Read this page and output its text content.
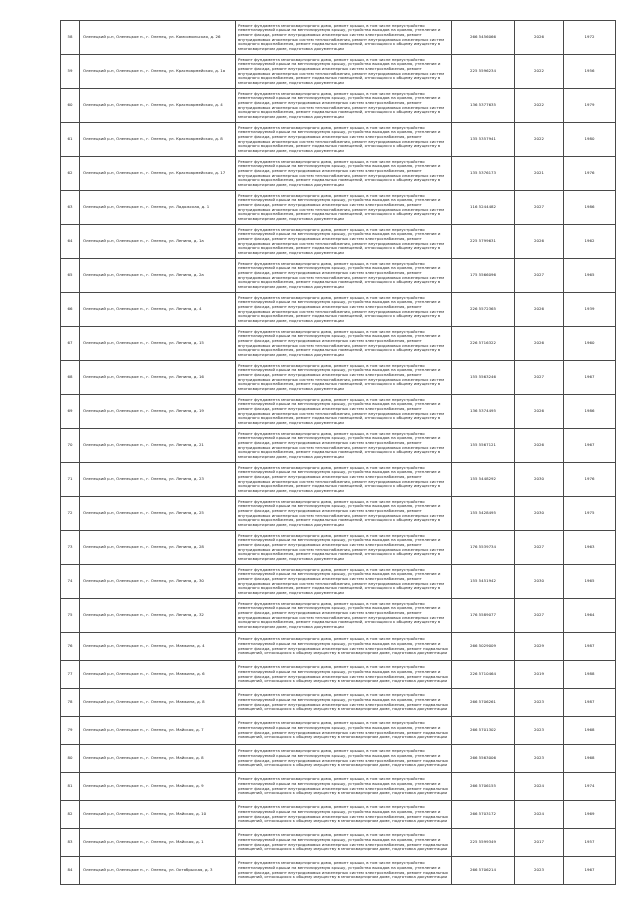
58	Оленецкий р-н, Оленецкое п., г. Оленец, ул. Комсомольская, д. 26	Ремонт фундамента многоквартирного дома, ремонт крыши, в том числе переустройство невентилируемой крыши на вентилируемую крышу, устройство выходов на кровлю, утепление и ремонт фасада, ремонт внутридомовых инженерных систем электроснабжения, ремонт внутридомовых инженерных систем теплоснабжения, ремонт внутридомовых инженерных систем холодного водоснабжения, ремонт подвальных помещений, относящихся к общему имуществу в многоквартирном доме, подготовка документации	266 5456066	2026	1972
59	Оленецкий р-н, Оленецкое п., г. Оленец, ул. Красноармейская, д. 1а	Ремонт фундамента многоквартирного дома, ремонт крыши, в том числе переустройство невентилируемой крыши на вентилируемую крышу, устройство выходов на кровлю, утепление и ремонт фасада, ремонт внутридомовых инженерных систем электроснабжения, ремонт внутридомовых инженерных систем теплоснабжения, ремонт внутридомовых инженерных систем холодного водоснабжения, ремонт подвальных помещений, относящихся к общему имуществу в многоквартирном доме, подготовка документации	225 5596234	2022	1956
60	Оленецкий р-н, Оленецкое п., г. Оленец, ул. Красноармейская, д. 4	Ремонт фундамента многоквартирного дома, ремонт крыши, в том числе переустройство невентилируемой крыши на вентилируемую крышу, устройство выходов на кровлю, утепление и ремонт фасада, ремонт внутридомовых инженерных систем электроснабжения, ремонт внутридомовых инженерных систем теплоснабжения, ремонт внутридомовых инженерных систем холодного водоснабжения, ремонт подвальных помещений, относящихся к общему имуществу в многоквартирном доме, подготовка документации	136 5377635	2022	1979
61	Оленецкий р-н, Оленецкое п., г. Оленец, ул. Красноармейская, д. 8	Ремонт фундамента многоквартирного дома, ремонт крыши, в том числе переустройство невентилируемой крыши на вентилируемую крышу, устройство выходов на кровлю, утепление и ремонт фасада, ремонт внутридомовых инженерных систем электроснабжения, ремонт внутридомовых инженерных систем теплоснабжения, ремонт внутридомовых инженерных систем холодного водоснабжения, ремонт подвальных помещений, относящихся к общему имуществу в многоквартирном доме, подготовка документации	135 5357941	2022	1980
62	Оленецкий р-н, Оленецкое п., г. Оленец, ул. Красноармейская, д. 17	Ремонт фундамента многоквартирного дома, ремонт крыши, в том числе переустройство невентилируемой крыши на вентилируемую крышу, устройство выходов на кровлю, утепление и ремонт фасада, ремонт внутридомовых инженерных систем электроснабжения, ремонт внутридомовых инженерных систем теплоснабжения, ремонт внутридомовых инженерных систем холодного водоснабжения, ремонт подвальных помещений, относящихся к общему имуществу в многоквартирном доме, подготовка документации	135 5376173	2021	1976
63	Оленецкий р-н, Оленецкое п., г. Оленец, ул. Ладожская, д. 1	Ремонт фундамента многоквартирного дома, ремонт крыши, в том числе переустройство невентилируемой крыши на вентилируемую крышу, устройство выходов на кровлю, утепление и ремонт фасада, ремонт внутридомовых инженерных систем электроснабжения, ремонт внутридомовых инженерных систем теплоснабжения, ремонт внутридомовых инженерных систем холодного водоснабжения, ремонт подвальных помещений, относящихся к общему имуществу в многоквартирном доме, подготовка документации	116 5244482	2027	1986
64	Оленецкий р-н, Оленецкое п., г. Оленец, ул. Ленина, д. 1а	Ремонт фундамента многоквартирного дома, ремонт крыши, в том числе переустройство невентилируемой крыши на вентилируемую крышу, устройство выходов на кровлю, утепление и ремонт фасада, ремонт внутридомовых инженерных систем электроснабжения, ремонт внутридомовых инженерных систем теплоснабжения, ремонт внутридомовых инженерных систем холодного водоснабжения, ремонт подвальных помещений, относящихся к общему имуществу в многоквартирном доме, подготовка документации	225 5799631	2026	1962
65	Оленецкий р-н, Оленецкое п., г. Оленец, ул. Ленина, д. 2а	Ремонт фундамента многоквартирного дома, ремонт крыши, в том числе переустройство невентилируемой крыши на вентилируемую крышу, устройство выходов на кровлю, утепление и ремонт фасада, ремонт внутридомовых инженерных систем электроснабжения, ремонт внутридомовых инженерных систем теплоснабжения, ремонт внутридомовых инженерных систем холодного водоснабжения, ремонт подвальных помещений, относящихся к общему имуществу в многоквартирном доме, подготовка документации	175 5566096	2027	1965
66	Оленецкий р-н, Оленецкое п., г. Оленец, ул. Ленина, д. 4	Ремонт фундамента многоквартирного дома, ремонт крыши, в том числе переустройство невентилируемой крыши на вентилируемую крышу, устройство выходов на кровлю, утепление и ремонт фасада, ремонт внутридомовых инженерных систем электроснабжения, ремонт внутридомовых инженерных систем теплоснабжения, ремонт внутридомовых инженерных систем холодного водоснабжения, ремонт подвальных помещений, относящихся к общему имуществу в многоквартирном доме, подготовка документации	226 5572365	2026	1939
67	Оленецкий р-н, Оленецкое п., г. Оленец, ул. Ленина, д. 15	Ремонт фундамента многоквартирного дома, ремонт крыши, в том числе переустройство невентилируемой крыши на вентилируемую крышу, устройство выходов на кровлю, утепление и ремонт фасада, ремонт внутридомовых инженерных систем электроснабжения, ремонт внутридомовых инженерных систем теплоснабжения, ремонт внутридомовых инженерных систем холодного водоснабжения, ремонт подвальных помещений, относящихся к общему имуществу в многоквартирном доме, подготовка документации	226 5716322	2026	1960
68	Оленецкий р-н, Оленецкое п., г. Оленец, ул. Ленина, д. 16	Ремонт фундамента многоквартирного дома, ремонт крыши, в том числе переустройство невентилируемой крыши на вентилируемую крышу, устройство выходов на кровлю, утепление и ремонт фасада, ремонт внутридомовых инженерных систем электроснабжения, ремонт внутридомовых инженерных систем теплоснабжения, ремонт внутридомовых инженерных систем холодного водоснабжения, ремонт подвальных помещений, относящихся к общему имуществу в многоквартирном доме, подготовка документации	155 5563246	2027	1967
69	Оленецкий р-н, Оленецкое п., г. Оленец, ул. Ленина, д. 19	Ремонт фундамента многоквартирного дома, ремонт крыши, в том числе переустройство невентилируемой крыши на вентилируемую крышу, устройство выходов на кровлю, утепление и ремонт фасада, ремонт внутридомовых инженерных систем электроснабжения, ремонт внутридомовых инженерных систем теплоснабжения, ремонт внутридомовых инженерных систем холодного водоснабжения, ремонт подвальных помещений, относящихся к общему имуществу в многоквартирном доме, подготовка документации	136 5374495	2026	1986
70	Оленецкий р-н, Оленецкое п., г. Оленец, ул. Ленина, д. 21	Ремонт фундамента многоквартирного дома, ремонт крыши, в том числе переустройство невентилируемой крыши на вентилируемую крышу, устройство выходов на кровлю, утепление и ремонт фасада, ремонт внутридомовых инженерных систем электроснабжения, ремонт внутридомовых инженерных систем теплоснабжения, ремонт внутридомовых инженерных систем холодного водоснабжения, ремонт подвальных помещений, относящихся к общему имуществу в многоквартирном доме, подготовка документации	155 5567121	2026	1967
71	Оленецкий р-н, Оленецкое п., г. Оленец, ул. Ленина, д. 23	Ремонт фундамента многоквартирного дома, ремонт крыши, в том числе переустройство невентилируемой крыши на вентилируемую крышу, устройство выходов на кровлю, утепление и ремонт фасада, ремонт внутридомовых инженерных систем электроснабжения, ремонт внутридомовых инженерных систем теплоснабжения, ремонт внутридомовых инженерных систем холодного водоснабжения, ремонт подвальных помещений, относящихся к общему имуществу в многоквартирном доме, подготовка документации	155 5448292	2030	1976
72	Оленецкий р-н, Оленецкое п., г. Оленец, ул. Ленина, д. 25	Ремонт фундамента многоквартирного дома, ремонт крыши, в том числе переустройство невентилируемой крыши на вентилируемую крышу, устройство выходов на кровлю, утепление и ремонт фасада, ремонт внутридомовых инженерных систем электроснабжения, ремонт внутридомовых инженерных систем теплоснабжения, ремонт внутридомовых инженерных систем холодного водоснабжения, ремонт подвальных помещений, относящихся к общему имуществу в многоквартирном доме, подготовка документации	155 5428495	2030	1975
73	Оленецкий р-н, Оленецкое п., г. Оленец, ул. Ленина, д. 28	Ремонт фундамента многоквартирного дома, ремонт крыши, в том числе переустройство невентилируемой крыши на вентилируемую крышу, устройство выходов на кровлю, утепление и ремонт фасада, ремонт внутридомовых инженерных систем электроснабжения, ремонт внутридомовых инженерных систем теплоснабжения, ремонт внутридомовых инженерных систем холодного водоснабжения, ремонт подвальных помещений, относящихся к общему имуществу в многоквартирном доме, подготовка документации	176 5539734	2027	1963
74	Оленецкий р-н, Оленецкое п., г. Оленец, ул. Ленина, д. 30	Ремонт фундамента многоквартирного дома, ремонт крыши, в том числе переустройство невентилируемой крыши на вентилируемую крышу, устройство выходов на кровлю, утепление и ремонт фасада, ремонт внутридомовых инженерных систем электроснабжения, ремонт внутридомовых инженерных систем теплоснабжения, ремонт внутридомовых инженерных систем холодного водоснабжения, ремонт подвальных помещений, относящихся к общему имуществу в многоквартирном доме, подготовка документации	155 5451942	2030	1965
75	Оленецкий р-н, Оленецкое п., г. Оленец, ул. Ленина, д. 32	Ремонт фундамента многоквартирного дома, ремонт крыши, в том числе переустройство невентилируемой крыши на вентилируемую крышу, устройство выходов на кровлю, утепление и ремонт фасада, ремонт внутридомовых инженерных систем электроснабжения, ремонт внутридомовых инженерных систем теплоснабжения, ремонт внутридомовых инженерных систем холодного водоснабжения, ремонт подвальных помещений, относящихся к общему имуществу в многоквартирном доме, подготовка документации	176 5589077	2027	1964
76	Оленецкий р-н, Оленецкое п., г. Оленец, ул. Мамкина, д. 4	Ремонт фундамента многоквартирного дома, ремонт крыши, в том числе переустройство невентилируемой крыши на вентилируемую крышу, устройство выходов на кровлю, утепление и ремонт фасада, ремонт внутридомовых инженерных систем электроснабжения, ремонт подвальных помещений, относящихся к общему имуществу в многоквартирном доме, подготовка документации	266 5029009	2029	1987
77	Оленецкий р-н, Оленецкое п., г. Оленец, ул. Мамкина, д. 6	Ремонт фундамента многоквартирного дома, ремонт крыши, в том числе переустройство невентилируемой крыши на вентилируемую крышу, устройство выходов на кровлю, утепление и ремонт фасада, ремонт внутридомовых инженерных систем электроснабжения, ремонт подвальных помещений, относящихся к общему имуществу в многоквартирном доме, подготовка документации	226 5710464	2019	1988
78	Оленецкий р-н, Оленецкое п., г. Оленец, ул. Мамкина, д. 8	Ремонт фундамента многоквартирного дома, ремонт крыши, в том числе переустройство невентилируемой крыши на вентилируемую крышу, устройство выходов на кровлю, утепление и ремонт фасада, ремонт внутридомовых инженерных систем электроснабжения, ремонт подвальных помещений, относящихся к общему имуществу в многоквартирном доме, подготовка документации	266 5706261	2023	1987
79	Оленецкий р-н, Оленецкое п., г. Оленец, ул. Майская, д. 7	Ремонт фундамента многоквартирного дома, ремонт крыши, в том числе переустройство невентилируемой крыши на вентилируемую крышу, устройство выходов на кровлю, утепление и ремонт фасада, ремонт внутридомовых инженерных систем электроснабжения, ремонт подвальных помещений, относящихся к общему имуществу в многоквартирном доме, подготовка документации	266 5701302	2023	1968
80	Оленецкий р-н, Оленецкое п., г. Оленец, ул. Майская, д. 8	Ремонт фундамента многоквартирного дома, ремонт крыши, в том числе переустройство невентилируемой крыши на вентилируемую крышу, устройство выходов на кровлю, утепление и ремонт фасада, ремонт внутридомовых инженерных систем электроснабжения, ремонт подвальных помещений, относящихся к общему имуществу в многоквартирном доме, подготовка документации	266 5563006	2023	1968
81	Оленецкий р-н, Оленецкое п., г. Оленец, ул. Майская, д. 9	Ремонт фундамента многоквартирного дома, ремонт крыши, в том числе переустройство невентилируемой крыши на вентилируемую крышу, устройство выходов на кровлю, утепление и ремонт фасада, ремонт внутридомовых инженерных систем электроснабжения, ремонт подвальных помещений, относящихся к общему имуществу в многоквартирном доме, подготовка документации	266 5706155	2024	1974
82	Оленецкий р-н, Оленецкое п., г. Оленец, ул. Майская, д. 10	Ремонт фундамента многоквартирного дома, ремонт крыши, в том числе переустройство невентилируемой крыши на вентилируемую крышу, устройство выходов на кровлю, утепление и ремонт фасада, ремонт внутридомовых инженерных систем электроснабжения, ремонт подвальных помещений, относящихся к общему имуществу в многоквартирном доме, подготовка документации	266 5703172	2024	1969
83	Оленецкий р-н, Оленецкое п., г. Оленец, ул. Майская, д. 1	Ремонт фундамента многоквартирного дома, ремонт крыши, в том числе переустройство невентилируемой крыши на вентилируемую крышу, устройство выходов на кровлю, утепление и ремонт фасада, ремонт внутридомовых инженерных систем электроснабжения, ремонт подвальных помещений, относящихся к общему имуществу в многоквартирном доме, подготовка документации	225 5599349	2017	1957
84	Оленецкий р-н, Оленецкое п., г. Оленец, ул. Октябрьская, д. 3	Ремонт фундамента многоквартирного дома, ремонт крыши, в том числе переустройство невентилируемой крыши на вентилируемую крышу, устройство выходов на кровлю, утепление и ремонт фасада, ремонт внутридомовых инженерных систем электроснабжения, ремонт подвальных помещений, относящихся к общему имуществу в многоквартирном доме, подготовка документации	266 5706214	2023	1967
